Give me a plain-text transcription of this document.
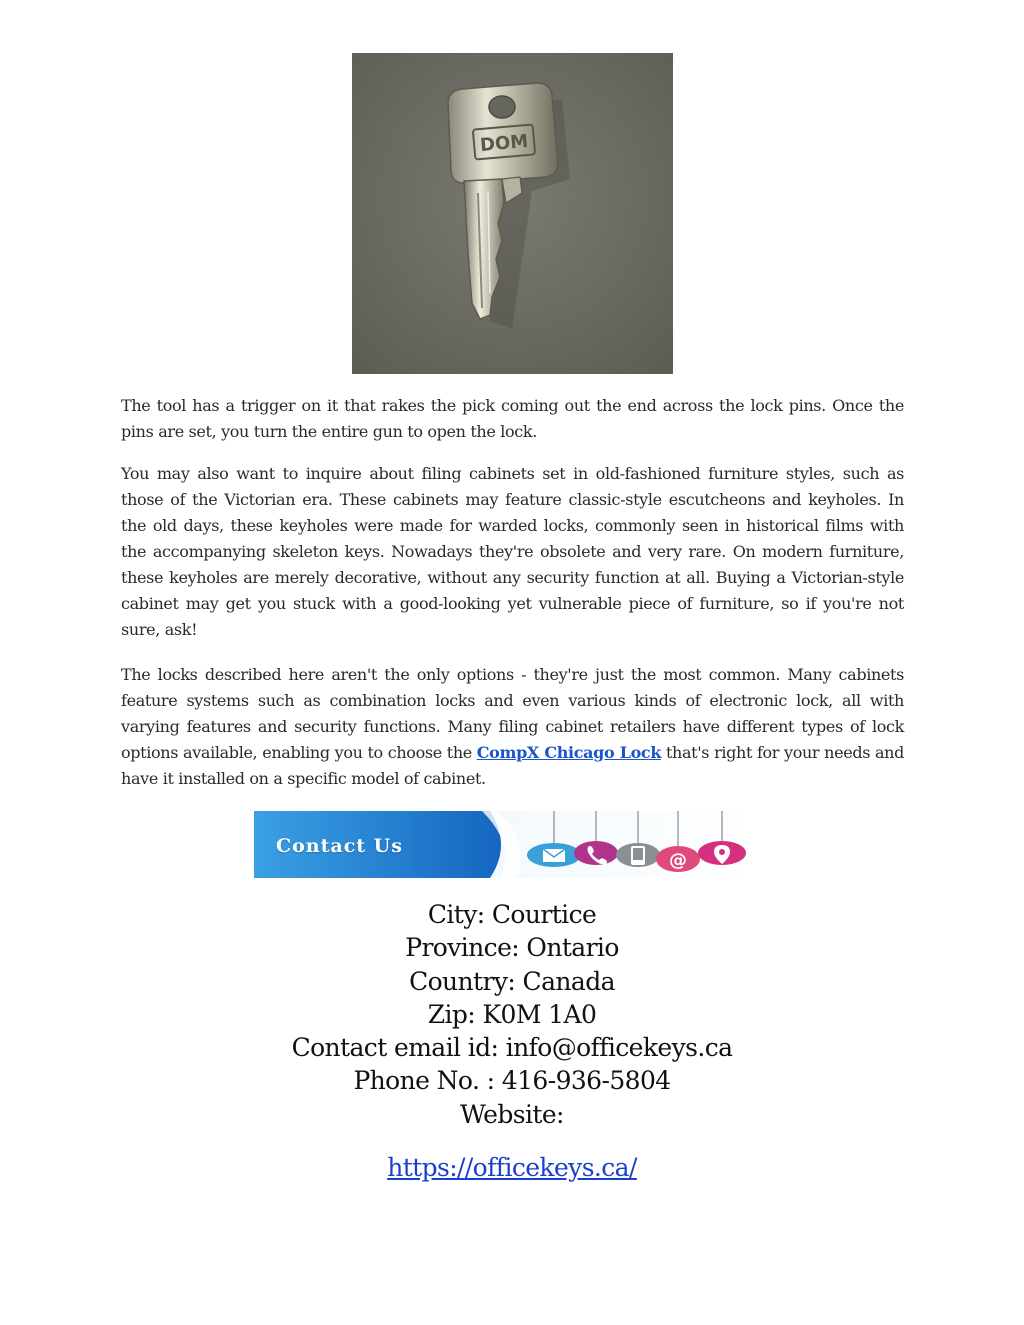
DOM

The tool has a trigger on it that rakes the pick coming out the end across the lock pins. Once the pins are set, you turn the entire gun to open the lock.

You may also want to inquire about filing cabinets set in old-fashioned furniture styles, such as those of the Victorian era. These cabinets may feature classic-style escutcheons and keyholes. In the old days, these keyholes were made for warded locks, commonly seen in historical films with the accompanying skeleton keys. Nowadays they're obsolete and very rare. On modern furniture, these keyholes are merely decorative, without any security function at all. Buying a Victorian-style cabinet may get you stuck with a good-looking yet vulnerable piece of furniture, so if you're not sure, ask!

The locks described here aren't the only options - they're just the most common. Many cabinets feature systems such as combination locks and even various kinds of electronic lock, all with varying features and security functions. Many filing cabinet retailers have different types of lock options available, enabling you to choose the CompX Chicago Lock that's right for your needs and have it installed on a specific model of cabinet.

Contact Us
@
City: Courtice
Province: Ontario
Country: Canada
Zip: K0M 1A0
Contact email id: info@officekeys.ca
Phone No. : 416-936-5804
Website:
https://officekeys.ca/
